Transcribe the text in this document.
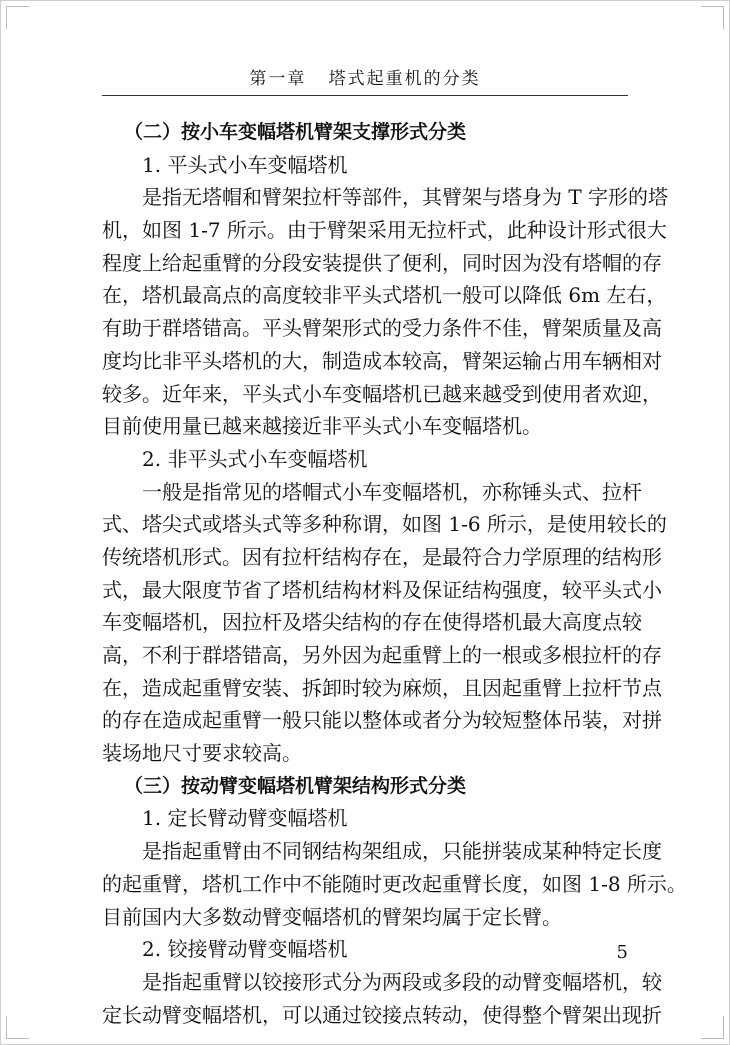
第一章   塔式起重机的分类
（二）按小车变幅塔机臂架支撑形式分类
1. 平头式小车变幅塔机
是指无塔帽和臂架拉杆等部件，其臂架与塔身为 T 字形的塔
机，如图 1-7 所示。由于臂架采用无拉杆式，此种设计形式很大
程度上给起重臂的分段安装提供了便利，同时因为没有塔帽的存
在，塔机最高点的高度较非平头式塔机一般可以降低 6m 左右，
有助于群塔错高。平头臂架形式的受力条件不佳，臂架质量及高
度均比非平头塔机的大，制造成本较高，臂架运输占用车辆相对
较多。近年来，平头式小车变幅塔机已越来越受到使用者欢迎，
目前使用量已越来越接近非平头式小车变幅塔机。
2. 非平头式小车变幅塔机
一般是指常见的塔帽式小车变幅塔机，亦称锤头式、拉杆
式、塔尖式或塔头式等多种称谓，如图 1-6 所示，是使用较长的
传统塔机形式。因有拉杆结构存在，是最符合力学原理的结构形
式，最大限度节省了塔机结构材料及保证结构强度，较平头式小
车变幅塔机，因拉杆及塔尖结构的存在使得塔机最大高度点较
高，不利于群塔错高，另外因为起重臂上的一根或多根拉杆的存
在，造成起重臂安装、拆卸时较为麻烦，且因起重臂上拉杆节点
的存在造成起重臂一般只能以整体或者分为较短整体吊装，对拼
装场地尺寸要求较高。
（三）按动臂变幅塔机臂架结构形式分类
1. 定长臂动臂变幅塔机
是指起重臂由不同钢结构架组成，只能拼装成某种特定长度
的起重臂，塔机工作中不能随时更改起重臂长度，如图 1-8 所示。
目前国内大多数动臂变幅塔机的臂架均属于定长臂。
2. 铰接臂动臂变幅塔机
是指起重臂以铰接形式分为两段或多段的动臂变幅塔机，较
定长动臂变幅塔机，可以通过铰接点转动，使得整个臂架出现折
5
